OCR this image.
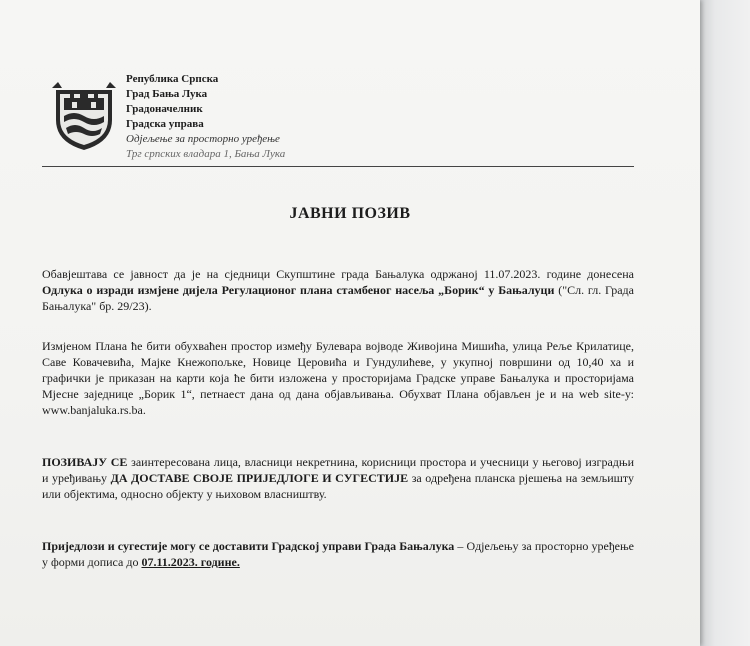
Република Српска
Град Бања Лука
Градоначелник
Градска управа
Одјељење за просторно уређење
Трг српских владара 1, Бања Лука
ЈАВНИ ПОЗИВ
Обавјештава се јавност да је на сједници Скупштине града Бањалука одржаној 11.07.2023. године донесена Одлука о изради измјене дијела Регулационог плана стамбеног насеља „Борик“ у Бањалуци ("Сл. гл. Града Бањалука" бр. 29/23).
Измјеном Плана ће бити обухваћен простор између Булевара војводе Живојина Мишића, улица Реље Крилатице, Саве Ковачевића, Мајке Кнежопољке, Новице Церовића и Гундулићеве, у укупној површини од 10,40 ха и графички је приказан на карти која ће бити изложена у просторијама Градске управе Бањалука и просторијама Мјесне заједнице „Борик 1“, петнаест дана од дана објављивања. Обухват Плана објављен је и на web site-у: www.banjaluka.rs.ba.
ПОЗИВАЈУ СЕ заинтересована лица, власници некретнина, корисници простора и учесници у његовој изградњи и уређивању ДА ДОСТАВЕ СВОЈЕ ПРИЈЕДЛОГЕ И СУГЕСТИЈЕ за одређена планска рјешења на земљишту или објектима, односно објекту у њиховом власништву.
Приједлози и сугестије могу се доставити Градској управи Града Бањалука – Одјељењу за просторно уређење у форми дописа до 07.11.2023. године.
